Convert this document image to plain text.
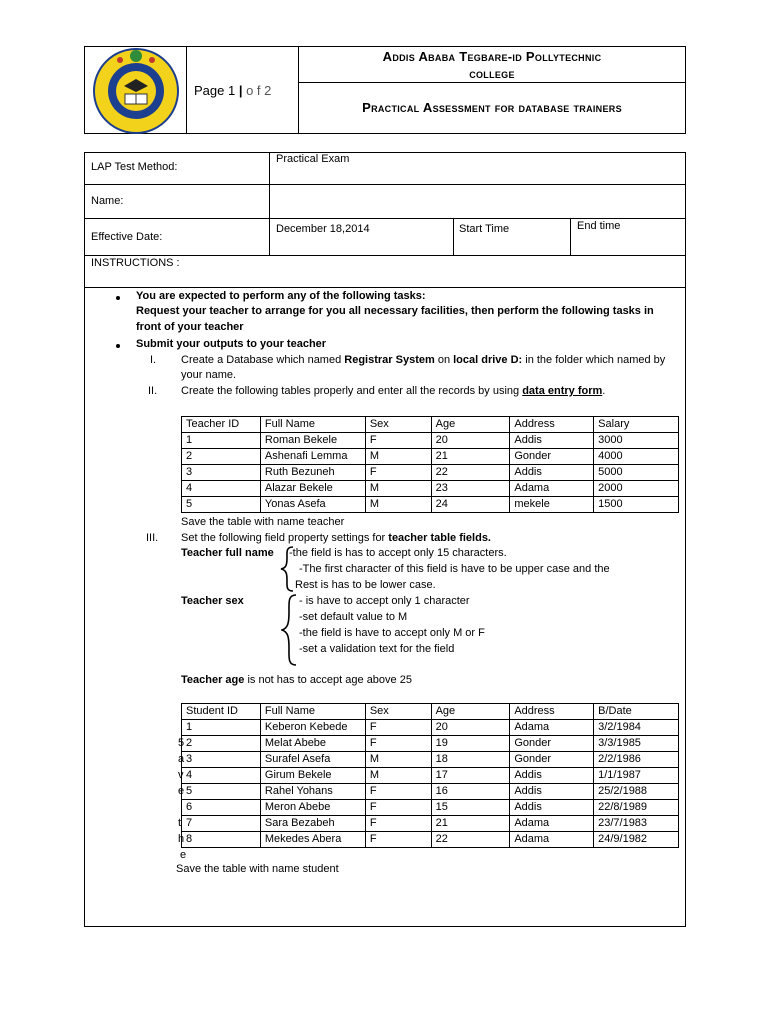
Page 1 | o f 2
Addis Ababa Tegbare-id Pollytechnic
college
Practical Assessment for database trainers
LAP Test Method:
Practical Exam
Name:
Effective Date:
December 18,2014	Start Time	End time
INSTRUCTIONS :
You are expected to perform any of the following tasks:
Request your teacher to arrange for you all necessary facilities, then perform the following tasks in
front of your teacher
Submit your outputs to your teacher
I. Create a Database which named Registrar System on local drive D: in the folder which named by
your name.
II. Create the following tables properly and enter all the records by using data entry form.
Teacher ID	Full Name	Sex	Age	Address	Salary
1	Roman Bekele	F	20	Addis	3000
2	Ashenafi Lemma	M	21	Gonder	4000
3	Ruth Bezuneh	F	22	Addis	5000
4	Alazar Bekele	M	23	Adama	2000
5	Yonas Asefa	M	24	mekele	1500
Save the table with name teacher
III. Set the following field property settings for teacher table fields.
Teacher full name -the field is has to accept only 15 characters.
-The first character of this field is have to be upper case and the
Rest is has to be lower case.
Teacher sex	- is have to accept only 1 character
-set default value to M
-the field is have to accept only M or F
-set a validation text for the field
Teacher age is not has to accept age above 25
Student ID	Full Name	Sex	Age	Address	B/Date
1	Keberon Kebede	F	20	Adama	3/2/1984
2	Melat Abebe	F	19	Gonder	3/3/1985
3	Surafel Asefa	M	18	Gonder	2/2/1986
4	Girum Bekele	M	17	Addis	1/1/1987
5	Rahel Yohans	F	16	Addis	25/2/1988
6	Meron Abebe	F	15	Addis	22/8/1989
7	Sara Bezabeh	F	21	Adama	23/7/1983
8	Mekedes Abera	F	22	Adama	24/9/1982
5
a
v
e
t
h
e
Save the table with name student
